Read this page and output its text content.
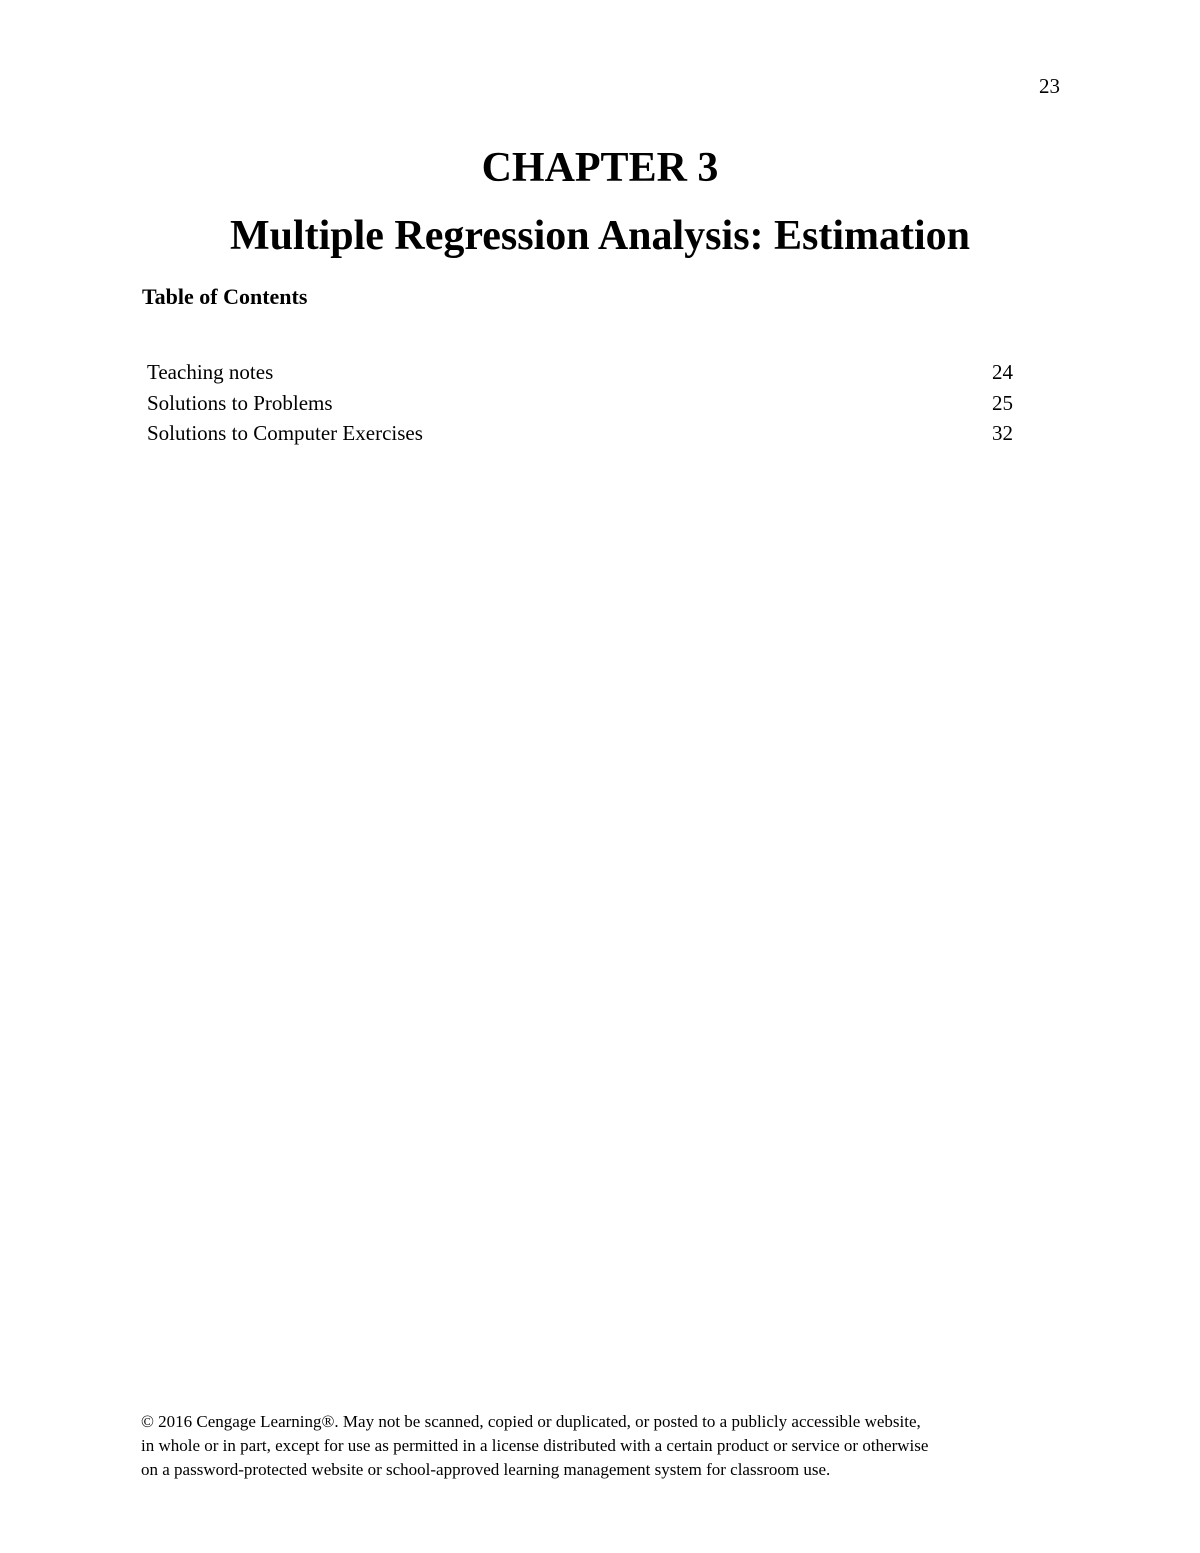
23
CHAPTER 3
Multiple Regression Analysis: Estimation
Table of Contents
Teaching notes	24
Solutions to Problems	25
Solutions to Computer Exercises	32
© 2016 Cengage Learning®. May not be scanned, copied or duplicated, or posted to a publicly accessible website,
in whole or in part, except for use as permitted in a license distributed with a certain product or service or otherwise
on a password-protected website or school-approved learning management system for classroom use.
